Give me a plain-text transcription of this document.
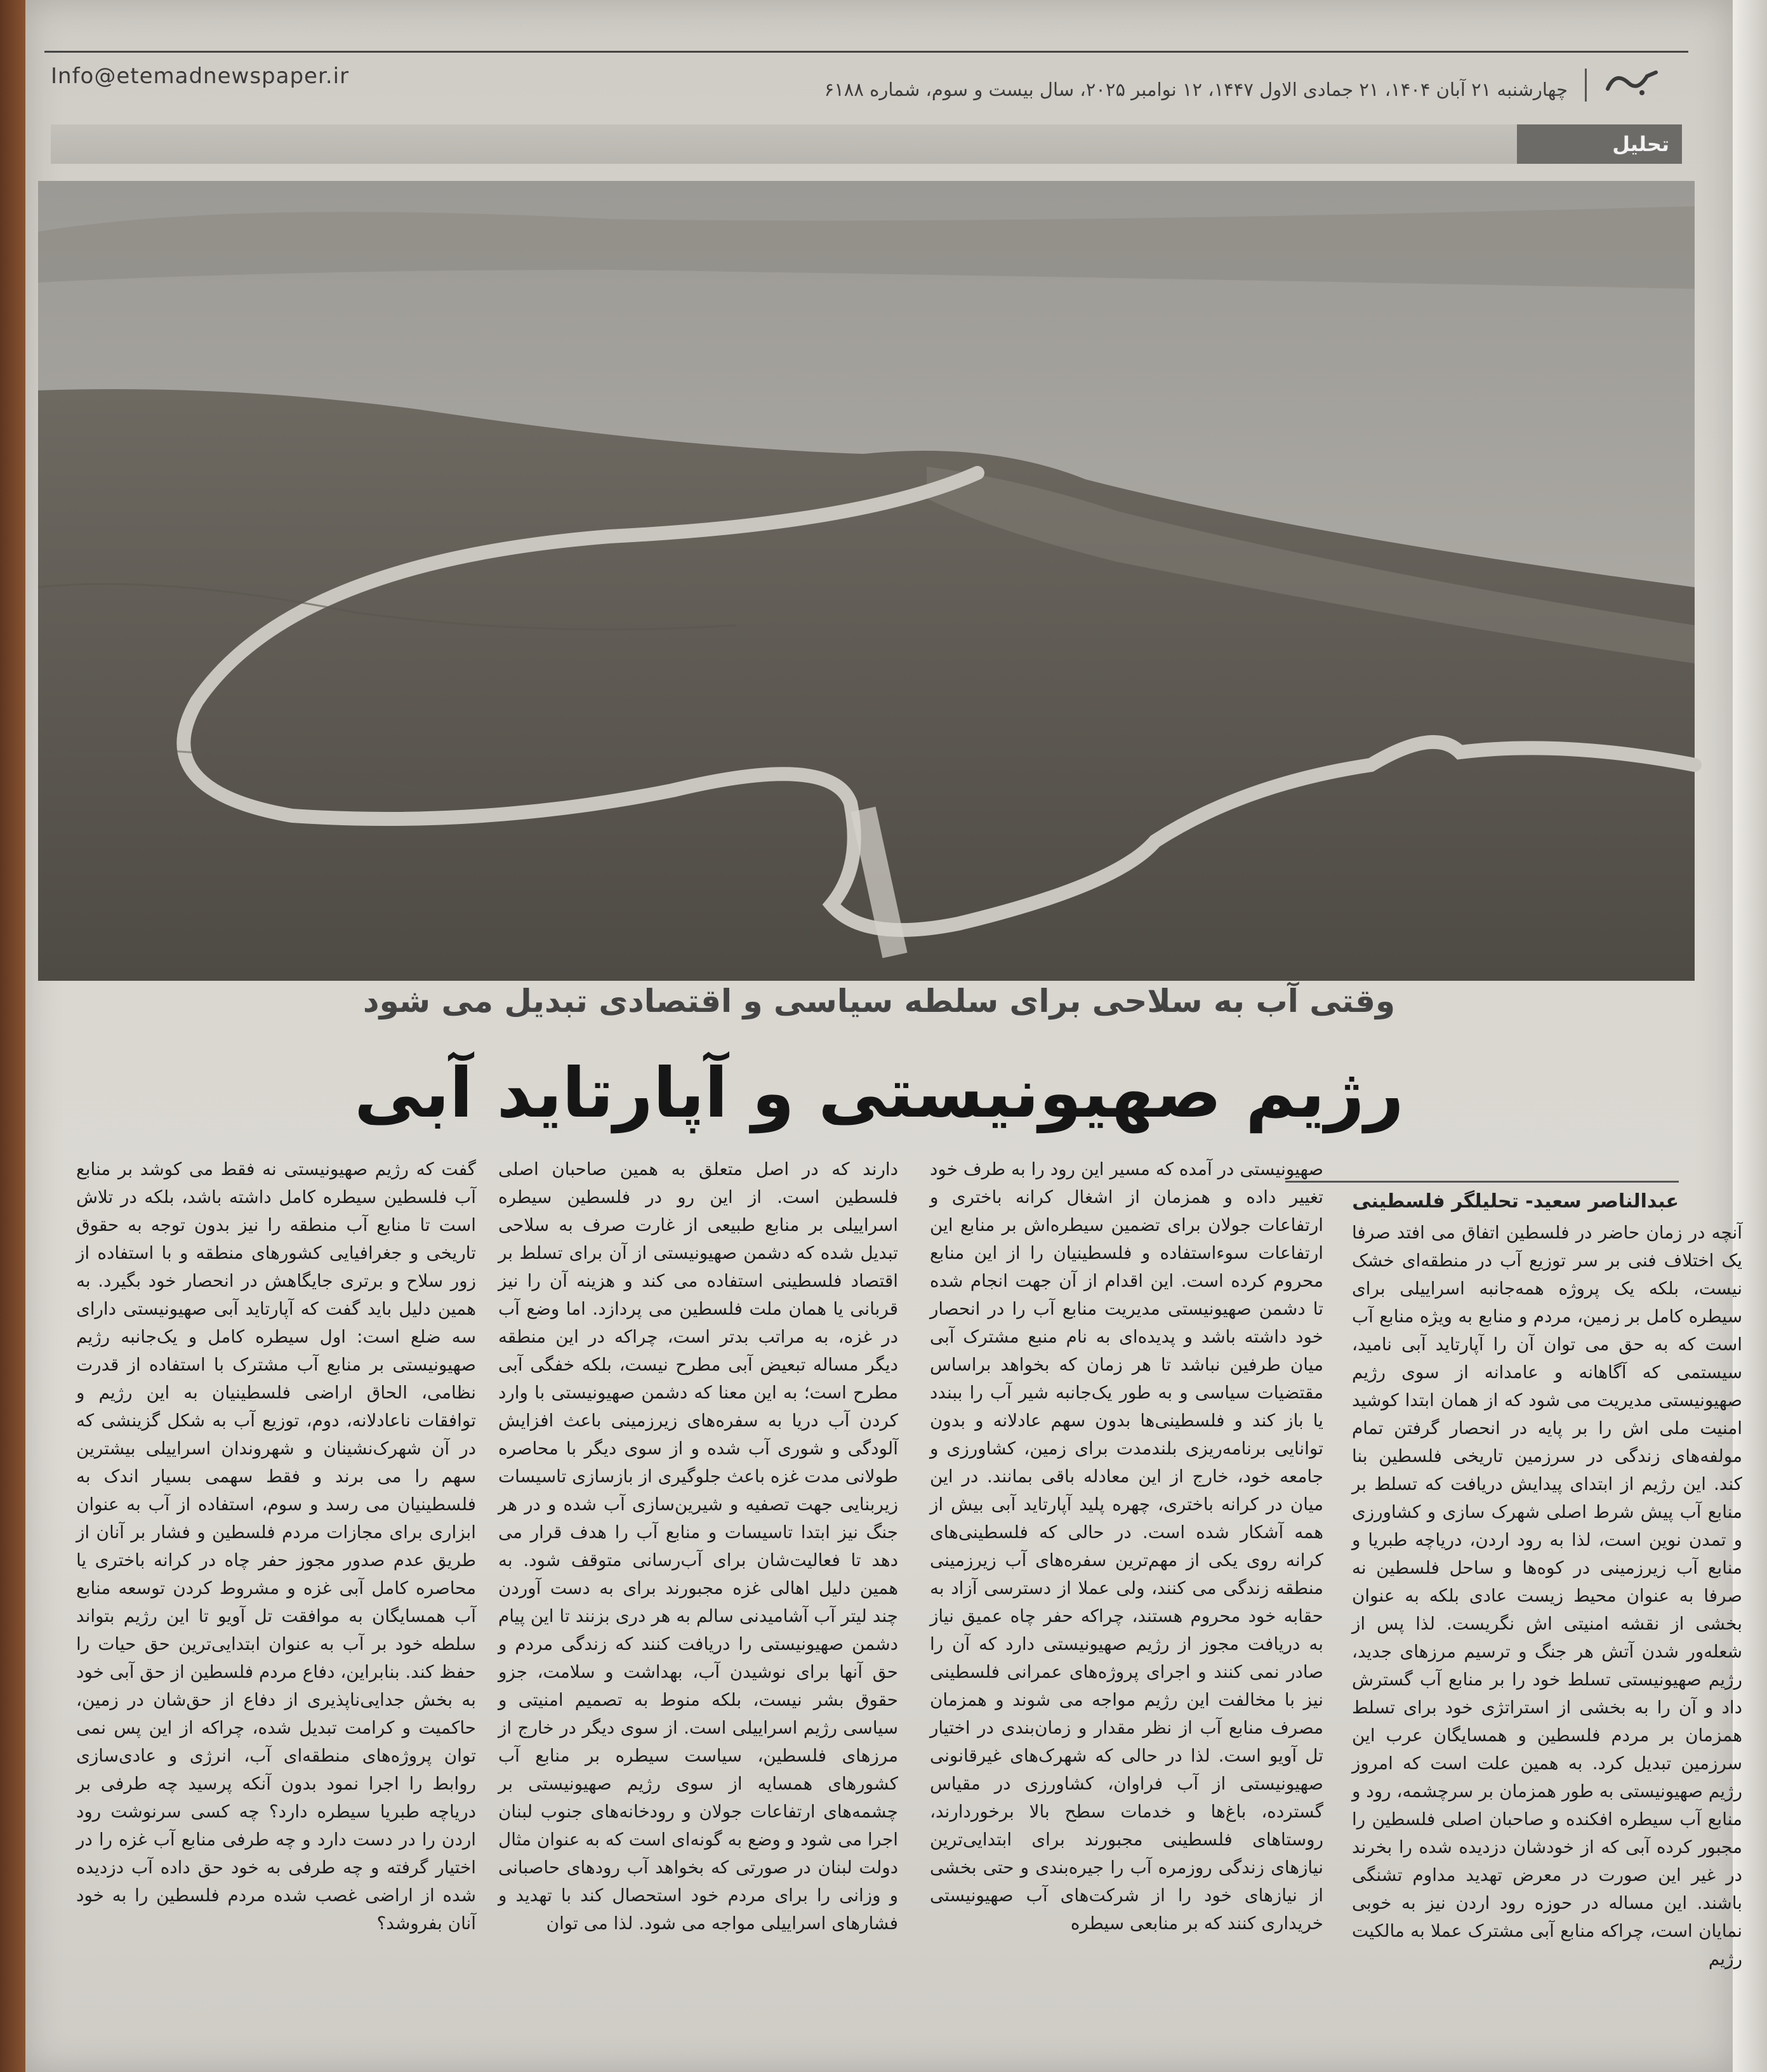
Info@etemadnewspaper.ir
چهارشنبه ۲۱ آبان ۱۴۰۴، ۲۱ جمادی الاول ۱۴۴۷، ۱۲ نوامبر ۲۰۲۵، سال بیست و سوم، شماره ۶۱۸۸
تحلیل
وقتی آب به سلاحی برای سلطه سیاسی و اقتصادی تبدیل می شود
رژیم صهیونیستی و آپارتاید آبی
عبدالناصر سعید- تحلیلگر فلسطینی

آنچه در زمان حاضر در فلسطین اتفاق می افتد صرفا یک اختلاف فنی بر سر توزیع آب در منطقه‌ای خشک نیست، بلکه یک پروژه همه‌جانبه اسراییلی برای سیطره کامل بر زمین، مردم و منابع به ویژه منابع آب است که به حق می توان آن را آپارتاید آبی نامید، سیستمی که آگاهانه و عامدانه از سوی رژیم صهیونیستی مدیریت می شود که از همان ابتدا کوشید امنیت ملی اش را بر پایه در انحصار گرفتن تمام مولفه‌های زندگی در سرزمین تاریخی فلسطین بنا کند. این رژیم از ابتدای پیدایش دریافت که تسلط بر منابع آب پیش شرط اصلی شهرک سازی و کشاورزی و تمدن نوین است، لذا به رود اردن، دریاچه طبریا و منابع آب زیرزمینی در کوه‌ها و ساحل فلسطین نه صرفا به عنوان محیط زیست عادی بلکه به عنوان بخشی از نقشه امنیتی اش نگریست. لذا پس از شعله‌ور شدن آتش هر جنگ و ترسیم مرزهای جدید، رژیم صهیونیستی تسلط خود را بر منابع آب گسترش داد و آن را به بخشی از استراتژی خود برای تسلط همزمان بر مردم فلسطین و همسایگان عرب این سرزمین تبدیل کرد. به همین علت است که امروز رژیم صهیونیستی به طور همزمان بر سرچشمه، رود و منابع آب سیطره افکنده و صاحبان اصلی فلسطین را مجبور کرده آبی که از خودشان دزدیده شده را بخرند در غیر این صورت در معرض تهدید مداوم تشنگی باشند. این مساله در حوزه رود اردن نیز به خوبی نمایان است، چراکه منابع آبی مشترک عملا به مالکیت رژیم

صهیونیستی در آمده که مسیر این رود را به طرف خود تغییر داده و همزمان از اشغال کرانه باختری و ارتفاعات جولان برای تضمین سیطره‌اش بر منابع این ارتفاعات سوءاستفاده و فلسطینیان را از این منابع محروم کرده است. این اقدام از آن جهت انجام شده تا دشمن صهیونیستی مدیریت منابع آب را در انحصار خود داشته باشد و پدیده‌ای به نام منبع مشترک آبی میان طرفین نباشد تا هر زمان که بخواهد براساس مقتضیات سیاسی و به طور یک‌جانبه شیر آب را ببندد یا باز کند و فلسطینی‌ها بدون سهم عادلانه و بدون توانایی برنامه‌ریزی بلندمدت برای زمین، کشاورزی و جامعه خود، خارج از این معادله باقی بمانند. در این میان در کرانه باختری، چهره پلید آپارتاید آبی بیش از همه آشکار شده است. در حالی که فلسطینی‌های کرانه روی یکی از مهم‌ترین سفره‌های آب زیرزمینی منطقه زندگی می کنند، ولی عملا از دسترسی آزاد به حقابه خود محروم هستند، چراکه حفر چاه عمیق نیاز به دریافت مجوز از رژیم صهیونیستی دارد که آن را صادر نمی کنند و اجرای پروژه‌های عمرانی فلسطینی نیز با مخالفت این رژیم مواجه می شوند و همزمان مصرف منابع آب از نظر مقدار و زمان‌بندی در اختیار تل آویو است. لذا در حالی که شهرک‌های غیرقانونی صهیونیستی از آب فراوان، کشاورزی در مقیاس گسترده، باغ‌ها و خدمات سطح بالا برخوردارند، روستاهای فلسطینی مجبورند برای ابتدایی‌ترین نیازهای زندگی روزمره آب را جیره‌بندی و حتی بخشی از نیازهای خود را از شرکت‌های آب صهیونیستی خریداری کنند که بر منابعی سیطره

دارند که در اصل متعلق به همین صاحبان اصلی فلسطین است. از این رو در فلسطین سیطره اسراییلی بر منابع طبیعی از غارت صرف به سلاحی تبدیل شده که دشمن صهیونیستی از آن برای تسلط بر اقتصاد فلسطینی استفاده می کند و هزینه آن را نیز قربانی یا همان ملت فلسطین می پردازد. اما وضع آب در غزه، به مراتب بدتر است، چراکه در این منطقه دیگر مساله تبعیض آبی مطرح نیست، بلکه خفگی آبی مطرح است؛ به این معنا که دشمن صهیونیستی با وارد کردن آب دریا به سفره‌های زیرزمینی باعث افزایش آلودگی و شوری آب شده و از سوی دیگر با محاصره طولانی مدت غزه باعث جلوگیری از بازسازی تاسیسات زیربنایی جهت تصفیه و شیرین‌سازی آب شده و در هر جنگ نیز ابتدا تاسیسات و منابع آب را هدف قرار می دهد تا فعالیت‌شان برای آب‌رسانی متوقف شود. به همین دلیل اهالی غزه مجبورند برای به دست آوردن چند لیتر آب آشامیدنی سالم به هر دری بزنند تا این پیام دشمن صهیونیستی را دریافت کنند که زندگی مردم و حق آنها برای نوشیدن آب، بهداشت و سلامت، جزو حقوق بشر نیست، بلکه منوط به تصمیم امنیتی و سیاسی رژیم اسراییلی است. از سوی دیگر در خارج از مرزهای فلسطین، سیاست سیطره بر منابع آب کشورهای همسایه از سوی رژیم صهیونیستی بر چشمه‌های ارتفاعات جولان و رودخانه‌های جنوب لبنان اجرا می شود و وضع به گونه‌ای است که به عنوان مثال دولت لبنان در صورتی که بخواهد آب رودهای حاصبانی و وزانی را برای مردم خود استحصال کند با تهدید و فشارهای اسراییلی مواجه می شود. لذا می توان

گفت که رژیم صهیونیستی نه فقط می کوشد بر منابع آب فلسطین سیطره کامل داشته باشد، بلکه در تلاش است تا منابع آب منطقه را نیز بدون توجه به حقوق تاریخی و جغرافیایی کشورهای منطقه و با استفاده از زور سلاح و برتری جایگاهش در انحصار خود بگیرد. به همین دلیل باید گفت که آپارتاید آبی صهیونیستی دارای سه ضلع است: اول سیطره کامل و یک‌جانبه رژیم صهیونیستی بر منابع آب مشترک با استفاده از قدرت نظامی، الحاق اراضی فلسطینیان به این رژیم و توافقات ناعادلانه، دوم، توزیع آب به شکل گزینشی که در آن شهرک‌نشینان و شهروندان اسراییلی بیشترین سهم را می برند و فقط سهمی بسیار اندک به فلسطینیان می رسد و سوم، استفاده از آب به عنوان ابزاری برای مجازات مردم فلسطین و فشار بر آنان از طریق عدم صدور مجوز حفر چاه در کرانه باختری یا محاصره کامل آبی غزه و مشروط کردن توسعه منابع آب همسایگان به موافقت تل آویو تا این رژیم بتواند سلطه خود بر آب به عنوان ابتدایی‌ترین حق حیات را حفظ کند. بنابراین، دفاع مردم فلسطین از حق آبی خود به بخش جدایی‌ناپذیری از دفاع از حق‌شان در زمین، حاکمیت و کرامت تبدیل شده، چراکه از این پس نمی توان پروژه‌های منطقه‌ای آب، انرژی و عادی‌سازی روابط را اجرا نمود بدون آنکه پرسید چه طرفی بر دریاچه طبریا سیطره دارد؟ چه کسی سرنوشت رود اردن را در دست دارد و چه طرفی منابع آب غزه را در اختیار گرفته و چه طرفی به خود حق داده آب دزدیده شده از اراضی غصب شده مردم فلسطین را به خود آنان بفروشد؟
